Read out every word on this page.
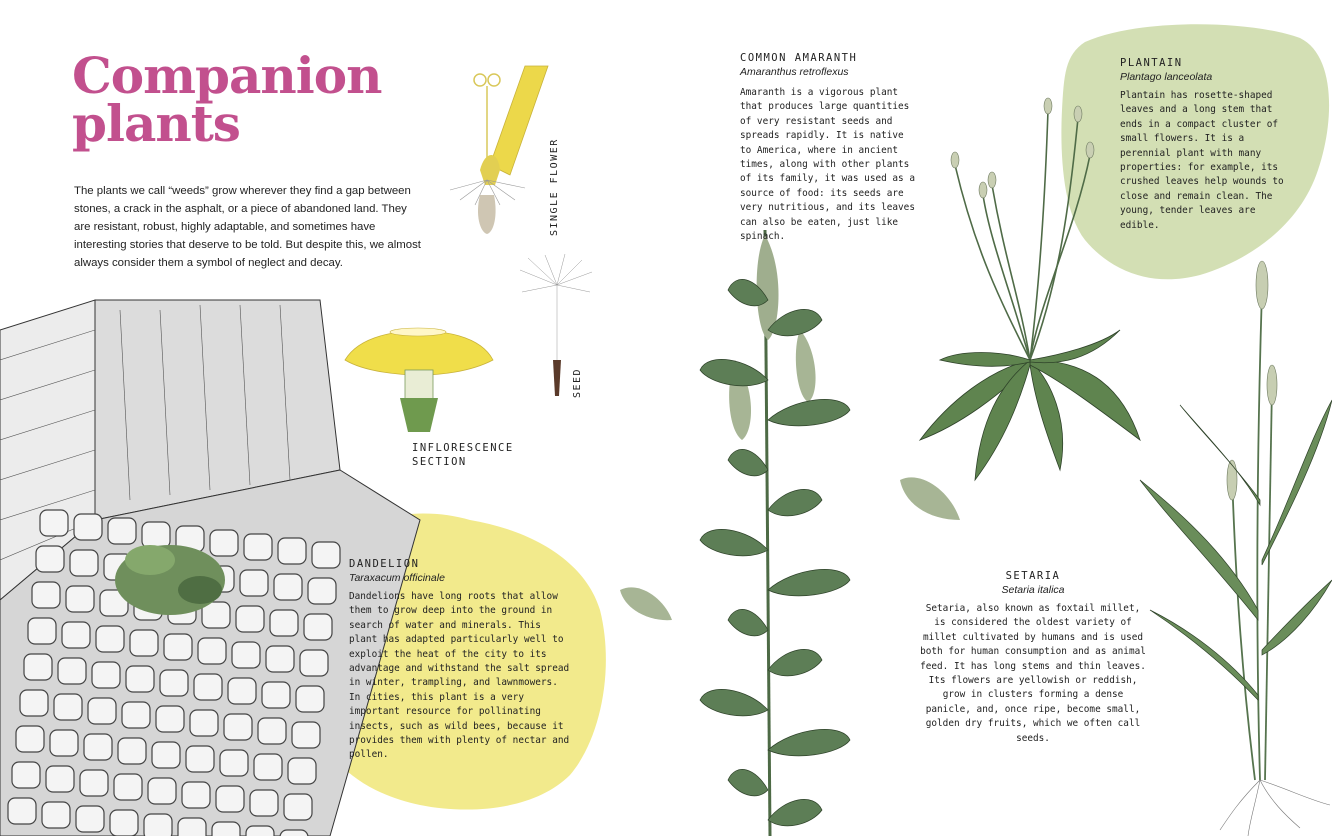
Companion
plants
The plants we call “weeds” grow wherever they find a gap between stones, a crack in the asphalt, or a piece of abandoned land. They are resistant, robust, highly adaptable, and sometimes have interesting stories that deserve to be told. But despite this, we almost always consider them a symbol of neglect and decay.
SINGLE FLOWER
SEED
INFLORESCENCE
SECTION
COMMON AMARANTH
Amaranthus retroflexus
Amaranth is a vigorous plant that produces large quantities of very resistant seeds and spreads rapidly. It is native to America, where in ancient times, along with other plants of its family, it was used as a source of food: its seeds are very nutritious, and its leaves can also be eaten, just like spinach.
PLANTAIN
Plantago lanceolata
Plantain has rosette-shaped leaves and a long stem that ends in a compact cluster of small flowers. It is a perennial plant with many properties: for example, its crushed leaves help wounds to close and remain clean. The young, tender leaves are edible.
DANDELION
Taraxacum officinale
Dandelions have long roots that allow them to grow deep into the ground in search of water and minerals. This plant has adapted particularly well to exploit the heat of the city to its advantage and withstand the salt spread in winter, trampling, and lawnmowers. In cities, this plant is a very important resource for pollinating insects, such as wild bees, because it provides them with plenty of nectar and pollen.
SETARIA
Setaria italica
Setaria, also known as foxtail millet, is considered the oldest variety of millet cultivated by humans and is used both for human consumption and as animal feed. It has long stems and thin leaves. Its flowers are yellowish or reddish, grow in clusters forming a dense panicle, and, once ripe, become small, golden dry fruits, which we often call seeds.
